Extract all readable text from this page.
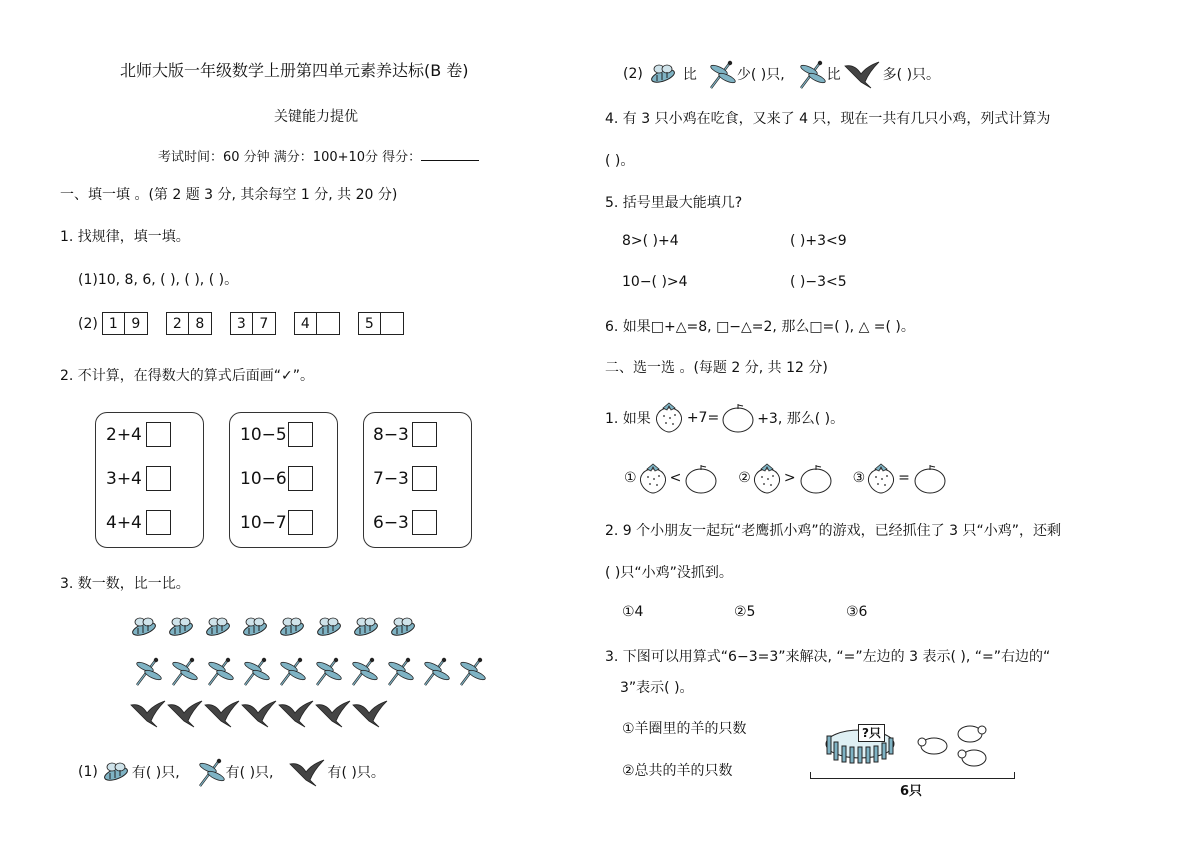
北师大版一年级数学上册第四单元素养达标(B 卷)
关键能力提优
考试时间：60 分钟 满分：100+10分 得分：
一、填一填 。(第 2 题 3 分, 其余每空 1 分, 共 20 分)
1. 找规律，填一填。
(1)10, 8, 6, ( ), ( ), ( )。
(2) 1 9	2 8	3 7	4	5
2. 不计算，在得数大的算式后面画“✓”。
2+4
3+4
4+4
10−5
10−6
10−7
8−3
7−3
6−3
3. 数一数，比一比。
(1) 有( )只,	有( )只,	有( )只。
(2)	比	少( )只,	比	多( )只。
4. 有 3 只小鸡在吃食，又来了 4 只，现在一共有几只小鸡，列式计算为
( )。
5. 括号里最大能填几?
8>( )+4	( )+3<9
10−( )>4	( )−3<5
6. 如果□+△=8, □−△=2, 那么□=( ), △ =( )。
二、选一选 。(每题 2 分, 共 12 分)
1. 如果	+7=	+3, 那么( )。
① <	② >	③ =
2. 9 个小朋友一起玩“老鹰抓小鸡”的游戏，已经抓住了 3 只“小鸡”，还剩
( )只“小鸡”没抓到。
①4	②5	③6
3. 下图可以用算式“6−3=3”来解决, “=”左边的 3 表示( ), “=”右边的“
3”表示( )。
①羊圈里的羊的只数
②总共的羊的只数
?只
6只
